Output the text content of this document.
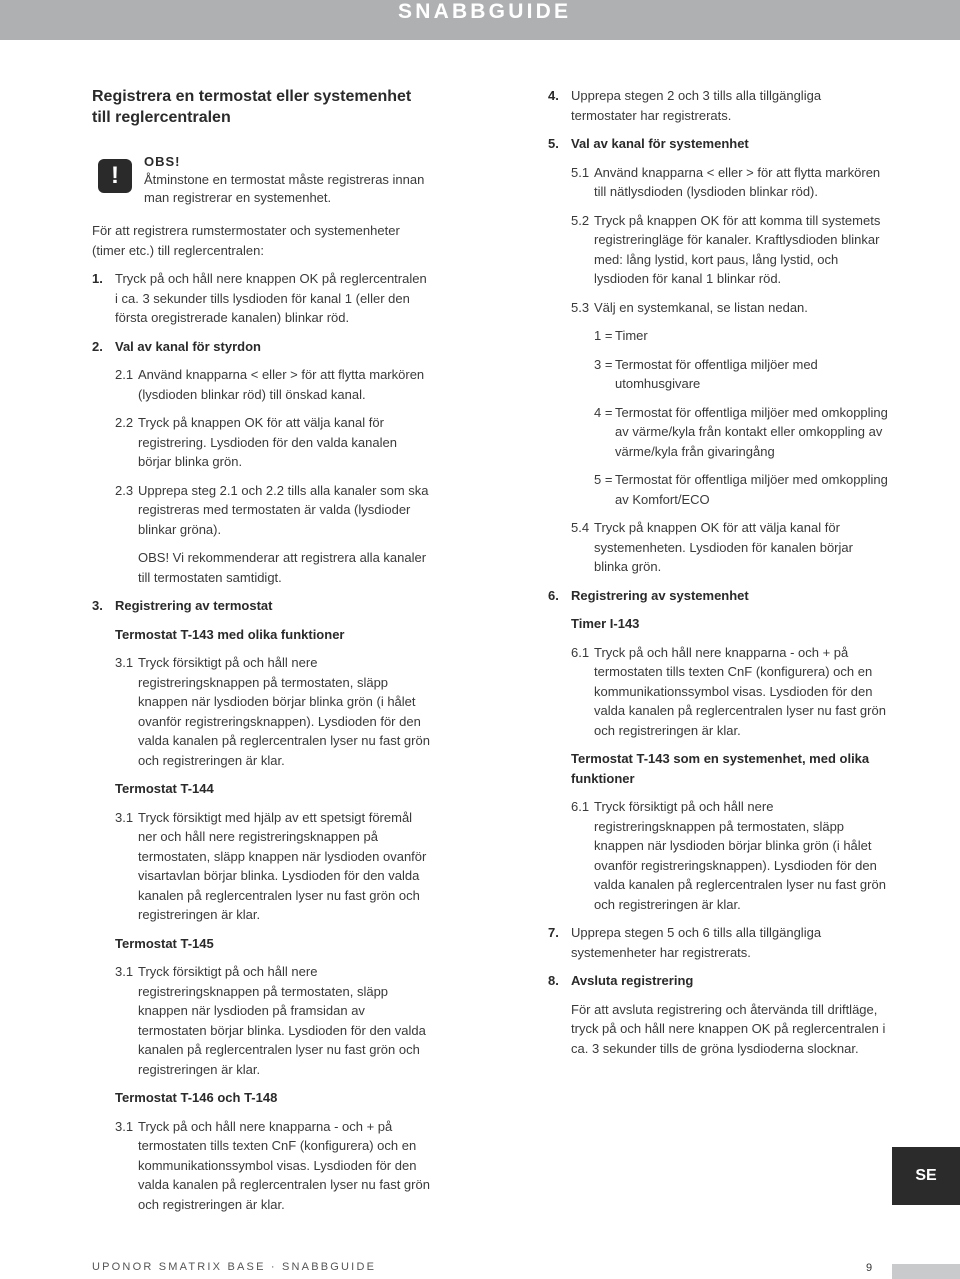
SNABBGUIDE
Registrera en termostat eller systemenhet till reglercentralen
!
OBS!
Åtminstone en termostat måste registreras innan man registrerar en systemenhet.

För att registrera rumstermostater och systemenheter (timer etc.) till reglercentralen:

1. Tryck på och håll nere knappen OK på reglercentralen i ca. 3 sekunder tills lysdioden för kanal 1 (eller den första oregistrerade kanalen) blinkar röd.
2. Val av kanal för styrdon
2.1 Använd knapparna < eller > för att flytta markören (lysdioden blinkar röd) till önskad kanal.
2.2 Tryck på knappen OK för att välja kanal för registrering. Lysdioden för den valda kanalen börjar blinka grön.
2.3 Upprepa steg 2.1 och 2.2 tills alla kanaler som ska registreras med termostaten är valda (lysdioder blinkar gröna).
OBS! Vi rekommenderar att registrera alla kanaler till termostaten samtidigt.
3. Registrering av termostat
Termostat T-143 med olika funktioner
3.1 Tryck försiktigt på och håll nere registreringsknappen på termostaten, släpp knappen när lysdioden börjar blinka grön (i hålet ovanför registreringsknappen). Lysdioden för den valda kanalen på reglercentralen lyser nu fast grön och registreringen är klar.
Termostat T-144
3.1 Tryck försiktigt med hjälp av ett spetsigt föremål ner och håll nere registreringsknappen på termostaten, släpp knappen när lysdioden ovanför visartavlan börjar blinka. Lysdioden för den valda kanalen på reglercentralen lyser nu fast grön och registreringen är klar.
Termostat T-145
3.1 Tryck försiktigt på och håll nere registreringsknappen på termostaten, släpp knappen när lysdioden på framsidan av termostaten börjar blinka. Lysdioden för den valda kanalen på reglercentralen lyser nu fast grön och registreringen är klar.
Termostat T-146 och T-148
3.1 Tryck på och håll nere knapparna - och + på termostaten tills texten CnF (konfigurera) och en kommunikationssymbol visas. Lysdioden för den valda kanalen på reglercentralen lyser nu fast grön och registreringen är klar.
4. Upprepa stegen 2 och 3 tills alla tillgängliga termostater har registrerats.
5. Val av kanal för systemenhet
5.1 Använd knapparna < eller > för att flytta markören till nätlysdioden (lysdioden blinkar röd).
5.2 Tryck på knappen OK för att komma till systemets registreringläge för kanaler. Kraftlysdioden blinkar med: lång lystid, kort paus, lång lystid, och lysdioden för kanal 1 blinkar röd.
5.3 Välj en systemkanal, se listan nedan.
1 = Timer
3 = Termostat för offentliga miljöer med utomhusgivare
4 = Termostat för offentliga miljöer med omkoppling av värme/kyla från kontakt eller omkoppling av värme/kyla från givaringång
5 = Termostat för offentliga miljöer med omkoppling av Komfort/ECO
5.4 Tryck på knappen OK för att välja kanal för systemenheten. Lysdioden för kanalen börjar blinka grön.
6. Registrering av systemenhet
Timer I-143
6.1 Tryck på och håll nere knapparna - och + på termostaten tills texten CnF (konfigurera) och en kommunikationssymbol visas. Lysdioden för den valda kanalen på reglercentralen lyser nu fast grön och registreringen är klar.
Termostat T-143 som en systemenhet, med olika funktioner
6.1 Tryck försiktigt på och håll nere registreringsknappen på termostaten, släpp knappen när lysdioden börjar blinka grön (i hålet ovanför registreringsknappen). Lysdioden för den valda kanalen på reglercentralen lyser nu fast grön och registreringen är klar.
7. Upprepa stegen 5 och 6 tills alla tillgängliga systemenheter har registrerats.
8. Avsluta registrering
För att avsluta registrering och återvända till driftläge, tryck på och håll nere knappen OK på reglercentralen i ca. 3 sekunder tills de gröna lysdioderna slocknar.
SE
UPONOR SMATRIX BASE · SNABBGUIDE	9
